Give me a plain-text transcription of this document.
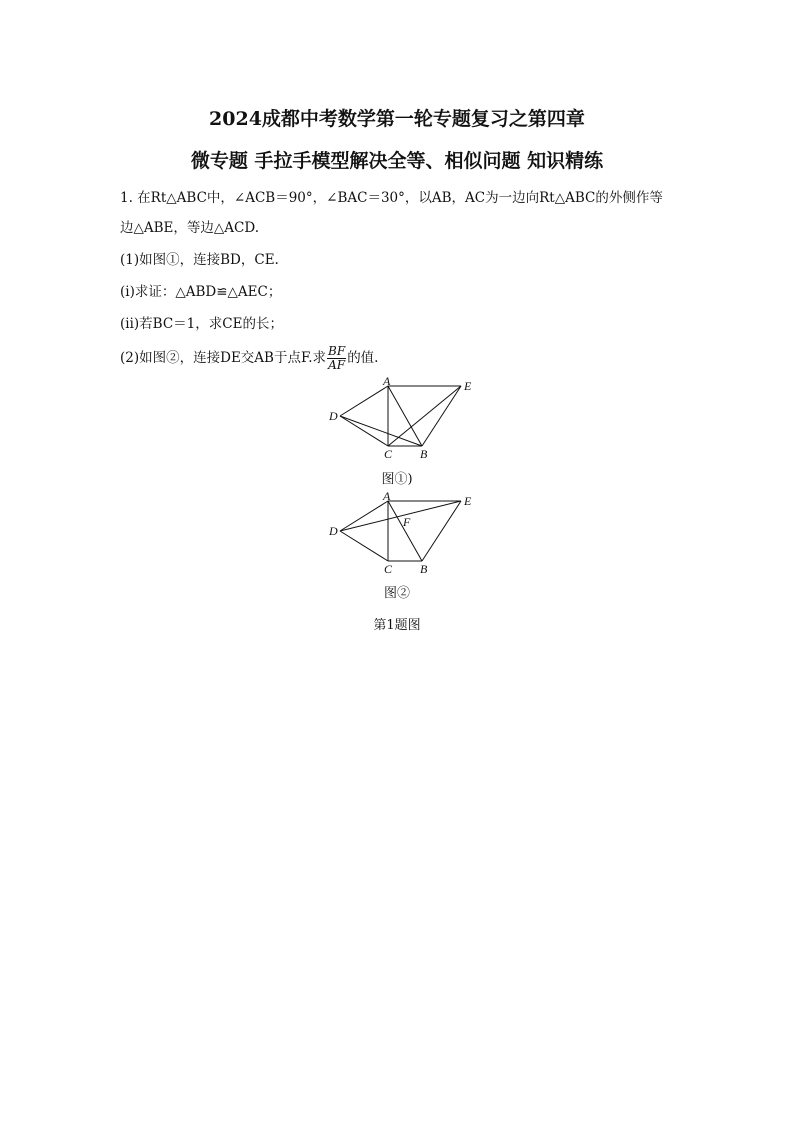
2024成都中考数学第一轮专题复习之第四章
微专题 手拉手模型解决全等、相似问题 知识精练
1. 在Rt△ABC中，∠ACB＝90°，∠BAC＝30°，以AB，AC为一边向Rt△ABC的外侧作等
边△ABE，等边△ACD.
(1)如图①，连接BD，CE.
(ⅰ)求证：△ABD≌△AEC；
(ⅱ)若BC＝1，求CE的长；
(2)如图②，连接DE交AB于点F.求 $\frac{BF}{AF}$ 的值.
A	E
D
C B
图①)
A	E
F
D
C B
图②
第1题图
